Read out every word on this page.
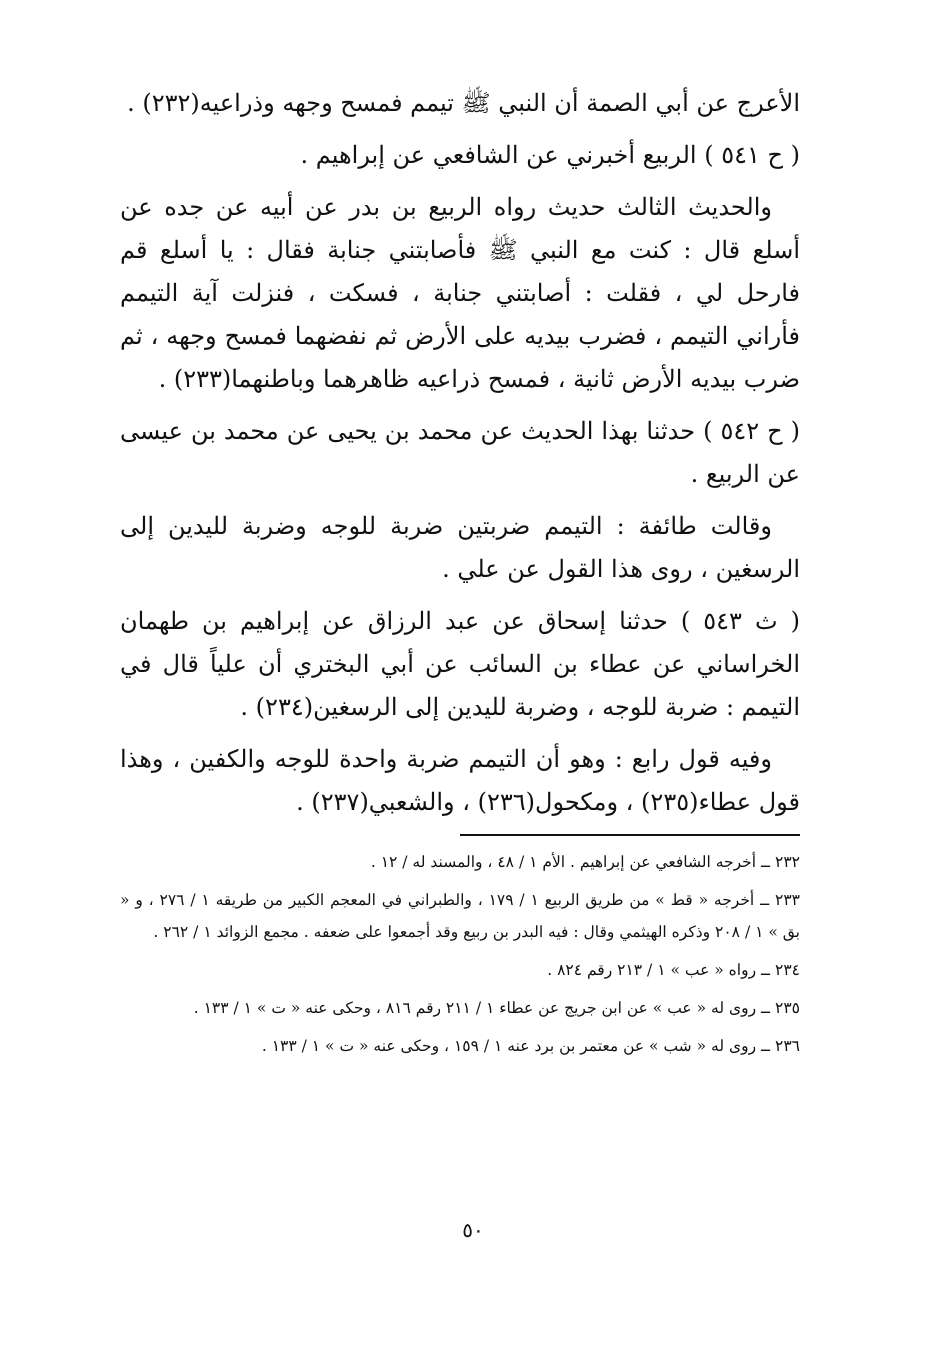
الأعرج عن أبي الصمة أن النبي ﷺ تيمم فمسح وجهه وذراعيه(٢٣٢) .

( ح ٥٤١ ) الربيع أخبرني عن الشافعي عن إبراهيم .

والحديث الثالث حديث رواه الربيع بن بدر عن أبيه عن جده عن أسلع قال : كنت مع النبي ﷺ فأصابتني جنابة فقال : يا أسلع قم فارحل لي ، فقلت : أصابتني جنابة ، فسكت ، فنزلت آية التيمم فأراني التيمم ، فضرب بيديه على الأرض ثم نفضهما فمسح وجهه ، ثم ضرب بيديه الأرض ثانية ، فمسح ذراعيه ظاهرهما وباطنهما(٢٣٣) .

( ح ٥٤٢ ) حدثنا بهذا الحديث عن محمد بن يحيى عن محمد بن عيسى عن الربيع .

وقالت طائفة : التيمم ضربتين ضربة للوجه وضربة لليدين إلى الرسغين ، روى هذا القول عن علي .

( ث ٥٤٣ ) حدثنا إسحاق عن عبد الرزاق عن إبراهيم بن طهمان الخراساني عن عطاء بن السائب عن أبي البختري أن علياً قال في التيمم : ضربة للوجه ، وضربة لليدين إلى الرسغين(٢٣٤) .

وفيه قول رابع : وهو أن التيمم ضربة واحدة للوجه والكفين ، وهذا قول عطاء(٢٣٥) ، ومكحول(٢٣٦) ، والشعبي(٢٣٧) .

٢٣٢ ــ أخرجه الشافعي عن إبراهيم . الأم ١ / ٤٨ ، والمسند له / ١٢ .

٢٣٣ ــ أخرجه « قط » من طريق الربيع ١ / ١٧٩ ، والطبراني في المعجم الكبير من طريقه ١ / ٢٧٦ ، و « بق » ١ / ٢٠٨ وذكره الهيثمي وقال : فيه البدر بن ربيع وقد أجمعوا على ضعفه . مجمع الزوائد ١ / ٢٦٢ .

٢٣٤ ــ رواه « عب » ١ / ٢١٣ رقم ٨٢٤ .

٢٣٥ ــ روى له « عب » عن ابن جريج عن عطاء ١ / ٢١١ رقم ٨١٦ ، وحكى عنه « ت » ١ / ١٣٣ .

٢٣٦ ــ روى له « شب » عن معتمر بن برد عنه ١ / ١٥٩ ، وحكى عنه « ت » ١ / ١٣٣ .

٥٠
